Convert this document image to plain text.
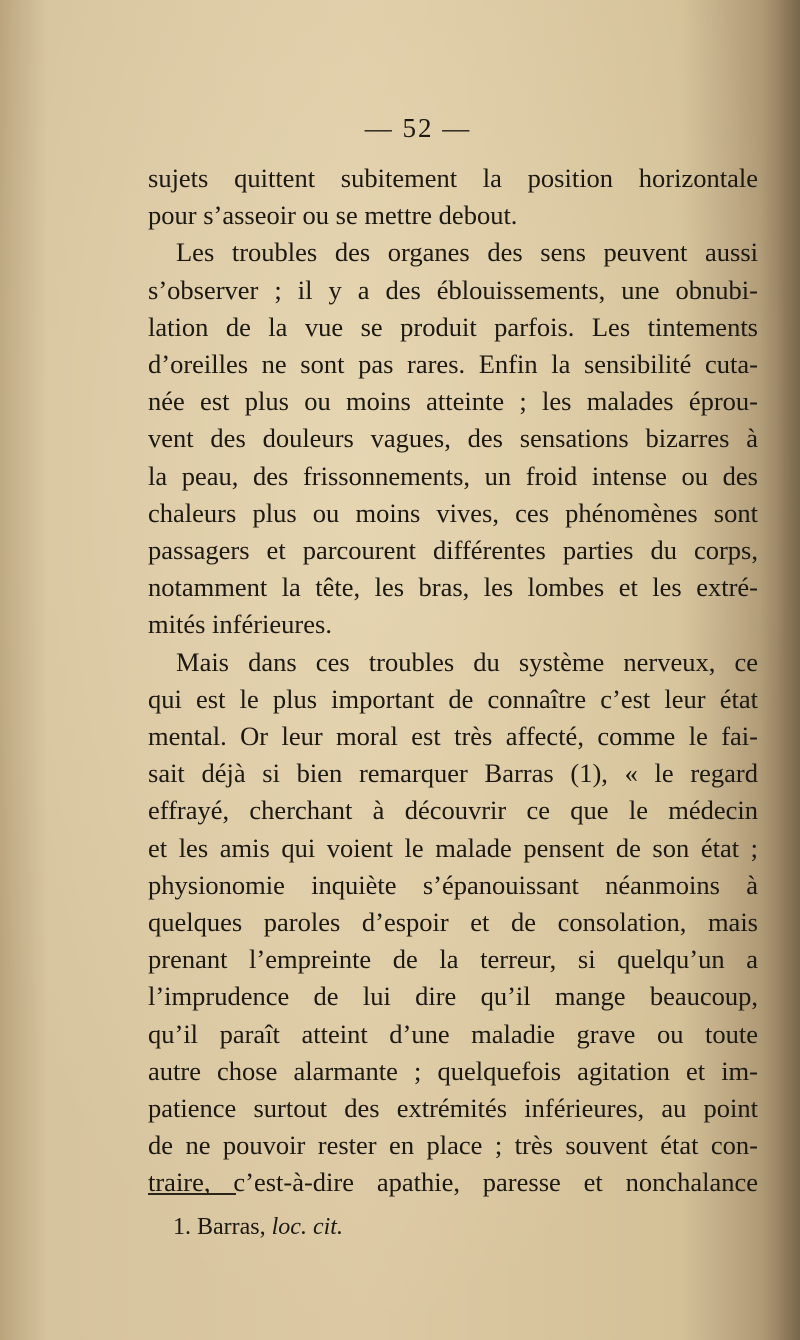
— 52 —
sujets quittent subitement la position horizontale
pour s’asseoir ou se mettre debout.
Les troubles des organes des sens peuvent aussi
s’observer ; il y a des éblouissements, une obnubi-
lation de la vue se produit parfois. Les tintements
d’oreilles ne sont pas rares. Enfin la sensibilité cuta-
née est plus ou moins atteinte ; les malades éprou-
vent des douleurs vagues, des sensations bizarres à
la peau, des frissonnements, un froid intense ou des
chaleurs plus ou moins vives, ces phénomènes sont
passagers et parcourent différentes parties du corps,
notamment la tête, les bras, les lombes et les extré-
mités inférieures.
Mais dans ces troubles du système nerveux, ce
qui est le plus important de connaître c’est leur état
mental. Or leur moral est très affecté, comme le fai-
sait déjà si bien remarquer Barras (1), « le regard
effrayé, cherchant à découvrir ce que le médecin
et les amis qui voient le malade pensent de son état ;
physionomie inquiète s’épanouissant néanmoins à
quelques paroles d’espoir et de consolation, mais
prenant l’empreinte de la terreur, si quelqu’un a
l’imprudence de lui dire qu’il mange beaucoup,
qu’il paraît atteint d’une maladie grave ou toute
autre chose alarmante ; quelquefois agitation et im-
patience surtout des extrémités inférieures, au point
de ne pouvoir rester en place ; très souvent état con-
traire, c’est-à-dire apathie, paresse et nonchalance
1. Barras, loc. cit.
